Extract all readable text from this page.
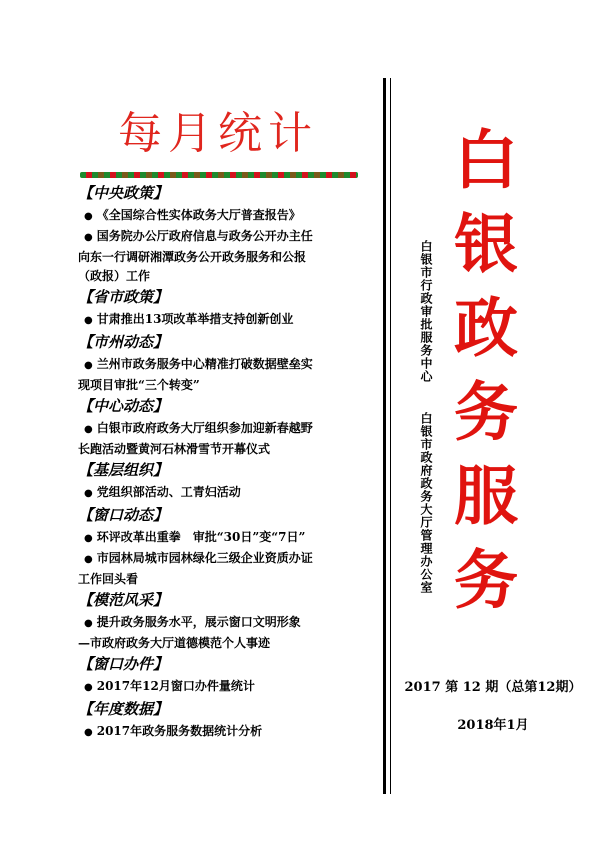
每月统计
【中央政策】
● 《全国综合性实体政务大厅普查报告》
● 国务院办公厅政府信息与政务公开办主任
向东一行调研湘潭政务公开政务服务和公报
（政报）工作
【省市政策】
● 甘肃推出13项改革举措支持创新创业
【市州动态】
● 兰州市政务服务中心精准打破数据壁垒实
现项目审批“三个转变”
【中心动态】
● 白银市政府政务大厅组织参加迎新春越野
长跑活动暨黄河石林滑雪节开幕仪式
【基层组织】
● 党组织部活动、工青妇活动
【窗口动态】
● 环评改革出重拳　审批“30日”变“7日”
● 市园林局城市园林绿化三级企业资质办证
工作回头看
【模范风采】
● 提升政务服务水平，展示窗口文明形象
—市政府政务大厅道德模范个人事迹
【窗口办件】
● 2017年12月窗口办件量统计
【年度数据】
● 2017年政务服务数据统计分析
白银市行政审批服务中心
白银市政府政务大厅管理办公室 白银政务服务
2017 第 12 期（总第12期）
2018年1月
